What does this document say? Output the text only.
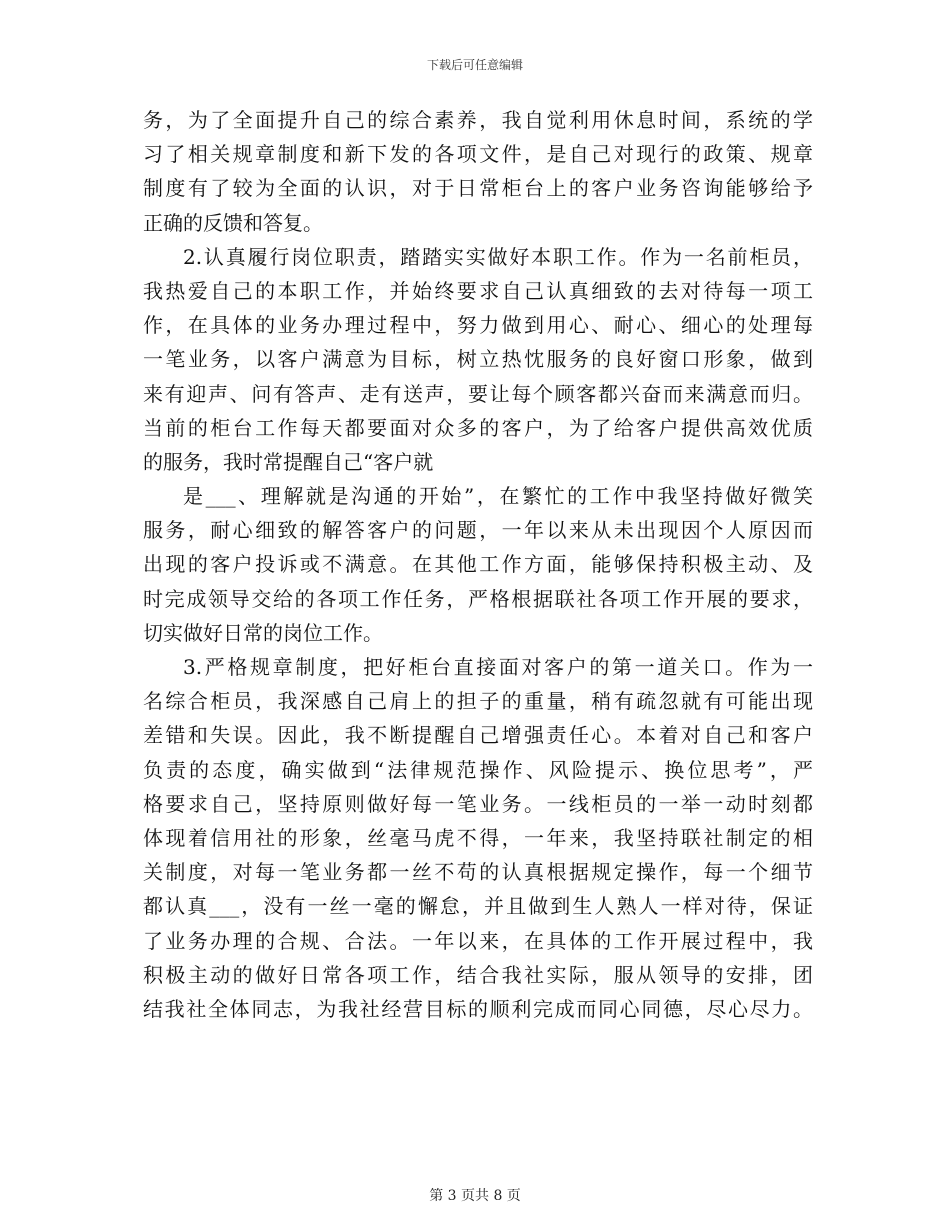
下载后可任意编辑
务，为了全面提升自己的综合素养，我自觉利用休息时间，系统的学
习了相关规章制度和新下发的各项文件，是自己对现行的政策、规章
制度有了较为全面的认识，对于日常柜台上的客户业务咨询能够给予
正确的反馈和答复。
2.认真履行岗位职责，踏踏实实做好本职工作。作为一名前柜员，
我热爱自己的本职工作，并始终要求自己认真细致的去对待每一项工
作，在具体的业务办理过程中，努力做到用心、耐心、细心的处理每
一笔业务，以客户满意为目标，树立热忱服务的良好窗口形象，做到
来有迎声、问有答声、走有送声，要让每个顾客都兴奋而来满意而归。
当前的柜台工作每天都要面对众多的客户，为了给客户提供高效优质
的服务，我时常提醒自己“客户就
是___、理解就是沟通的开始”，在繁忙的工作中我坚持做好微笑
服务，耐心细致的解答客户的问题，一年以来从未出现因个人原因而
出现的客户投诉或不满意。在其他工作方面，能够保持积极主动、及
时完成领导交给的各项工作任务，严格根据联社各项工作开展的要求，
切实做好日常的岗位工作。
3.严格规章制度，把好柜台直接面对客户的第一道关口。作为一
名综合柜员，我深感自己肩上的担子的重量，稍有疏忽就有可能出现
差错和失误。因此，我不断提醒自己增强责任心。本着对自己和客户
负责的态度，确实做到“法律规范操作、风险提示、换位思考”，严
格要求自己，坚持原则做好每一笔业务。一线柜员的一举一动时刻都
体现着信用社的形象，丝毫马虎不得，一年来，我坚持联社制定的相
关制度，对每一笔业务都一丝不苟的认真根据规定操作，每一个细节
都认真___，没有一丝一毫的懈怠，并且做到生人熟人一样对待，保证
了业务办理的合规、合法。一年以来，在具体的工作开展过程中，我
积极主动的做好日常各项工作，结合我社实际，服从领导的安排，团
结我社全体同志，为我社经营目标的顺利完成而同心同德，尽心尽力。
第 3 页共 8 页
